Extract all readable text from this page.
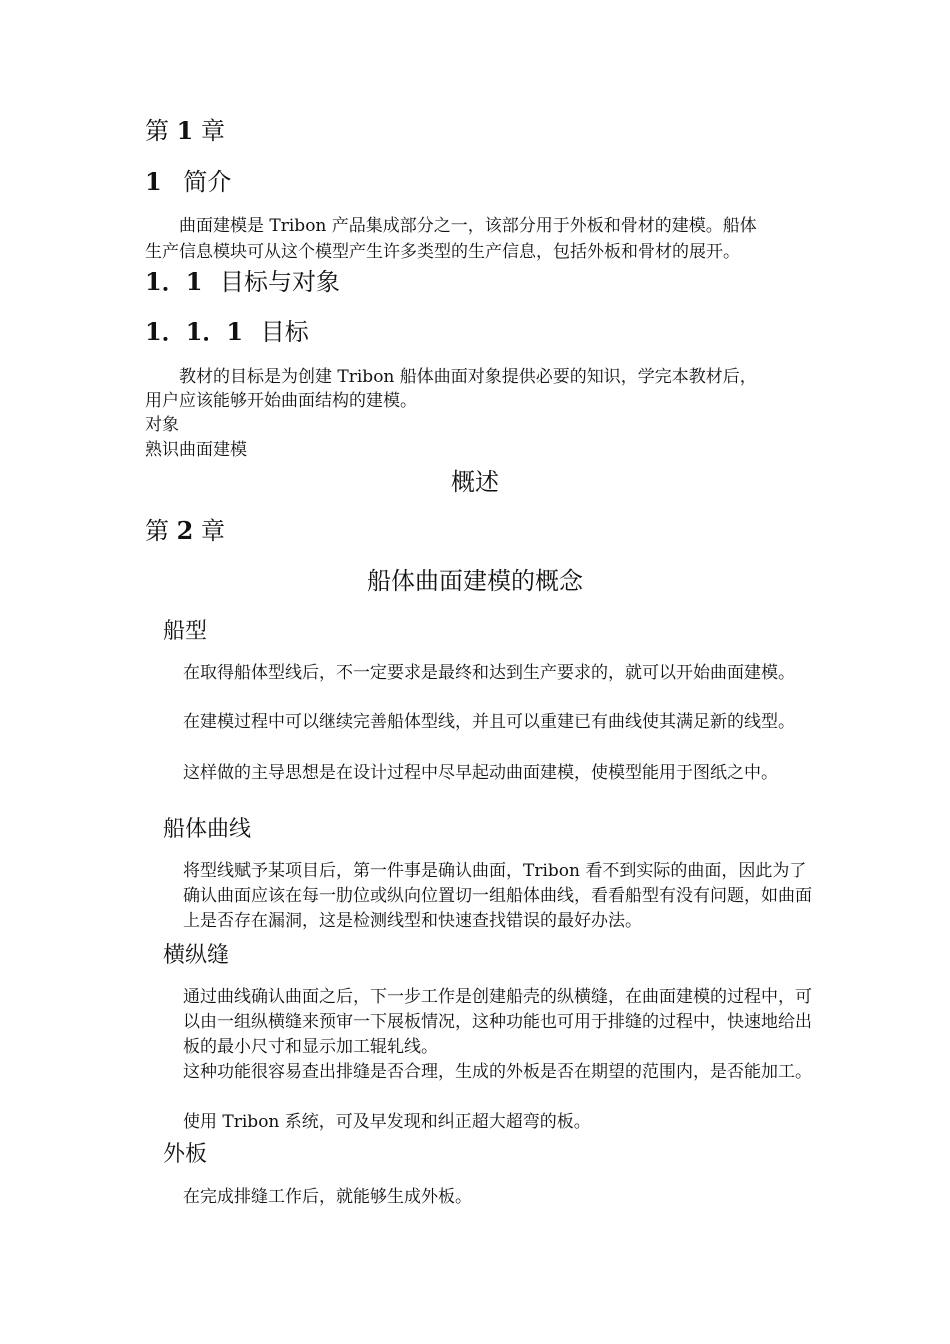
第 1 章
1 简介
曲面建模是 Tribon 产品集成部分之一，该部分用于外板和骨材的建模。船体
生产信息模块可从这个模型产生许多类型的生产信息，包括外板和骨材的展开。
1．1 目标与对象
1．1．1 目标
教材的目标是为创建 Tribon 船体曲面对象提供必要的知识，学完本教材后，
用户应该能够开始曲面结构的建模。
对象
熟识曲面建模
概述
第 2 章
船体曲面建模的概念
船型
在取得船体型线后，不一定要求是最终和达到生产要求的，就可以开始曲面建模。
在建模过程中可以继续完善船体型线，并且可以重建已有曲线使其满足新的线型。
这样做的主导思想是在设计过程中尽早起动曲面建模，使模型能用于图纸之中。
船体曲线
将型线赋予某项目后，第一件事是确认曲面，Tribon 看不到实际的曲面，因此为了确认曲面应该在每一肋位或纵向位置切一组船体曲线，看看船型有没有问题，如曲面上是否存在漏洞，这是检测线型和快速查找错误的最好办法。
横纵缝
通过曲线确认曲面之后，下一步工作是创建船壳的纵横缝，在曲面建模的过程中，可以由一组纵横缝来预审一下展板情况，这种功能也可用于排缝的过程中，快速地给出板的最小尺寸和显示加工辊轧线。
这种功能很容易查出排缝是否合理，生成的外板是否在期望的范围内，是否能加工。
使用 Tribon 系统，可及早发现和纠正超大超弯的板。
外板
在完成排缝工作后，就能够生成外板。
